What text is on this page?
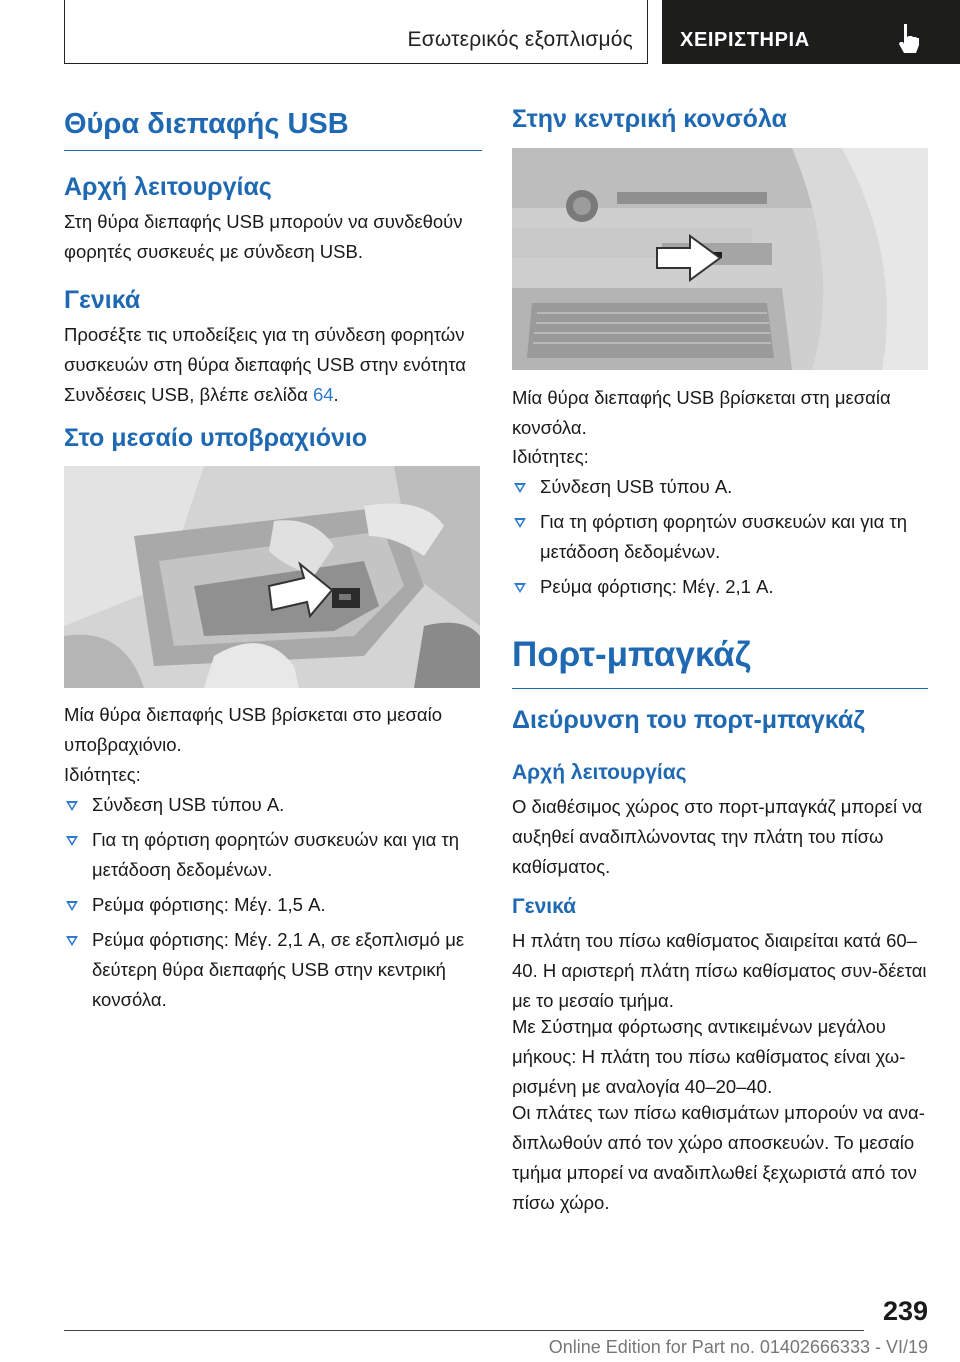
Εσωτερικός εξοπλισμός ΧΕΙΡΙΣΤΗΡΙΑ
Θύρα διεπαφής USB
Αρχή λειτουργίας

Στη θύρα διεπαφής USB μπορούν να συνδεθούν φορητές συσκευές με σύνδεση USB.

Γενικά

Προσέξτε τις υποδείξεις για τη σύνδεση φορητών συσκευών στη θύρα διεπαφής USB στην ενότητα Συνδέσεις USB, βλέπε σελίδα 64.

Στο μεσαίο υποβραχιόνιο

Μία θύρα διεπαφής USB βρίσκεται στο μεσαίο υποβραχιόνιο.

Ιδιότητες:

Σύνδεση USB τύπου A.
Για τη φόρτιση φορητών συσκευών και για τη μετάδοση δεδομένων.
Ρεύμα φόρτισης: Μέγ. 1,5 A.
Ρεύμα φόρτισης: Μέγ. 2,1 A, σε εξοπλισμό με δεύτερη θύρα διεπαφής USB στην κεντρική κονσόλα.
Στην κεντρική κονσόλα

Μία θύρα διεπαφής USB βρίσκεται στη μεσαία κονσόλα.

Ιδιότητες:

Σύνδεση USB τύπου A.
Για τη φόρτιση φορητών συσκευών και για τη μετάδοση δεδομένων.
Ρεύμα φόρτισης: Μέγ. 2,1 A.
Πορτ-μπαγκάζ
Διεύρυνση του πορτ-μπαγκάζ
Αρχή λειτουργίας

Ο διαθέσιμος χώρος στο πορτ-μπαγκάζ μπορεί να αυξηθεί αναδιπλώνοντας την πλάτη του πίσω καθίσματος.

Γενικά

Η πλάτη του πίσω καθίσματος διαιρείται κατά 60–40. Η αριστερή πλάτη πίσω καθίσματος συν-δέεται με το μεσαίο τμήμα.

Με Σύστημα φόρτωσης αντικειμένων μεγάλου μήκους: Η πλάτη του πίσω καθίσματος είναι χω-ρισμένη με αναλογία 40–20–40.

Οι πλάτες των πίσω καθισμάτων μπορούν να ανα-διπλωθούν από τον χώρο αποσκευών. Το μεσαίο τμήμα μπορεί να αναδιπλωθεί ξεχωριστά από τον πίσω χώρο.

239
Online Edition for Part no. 01402666333 - VI/19
